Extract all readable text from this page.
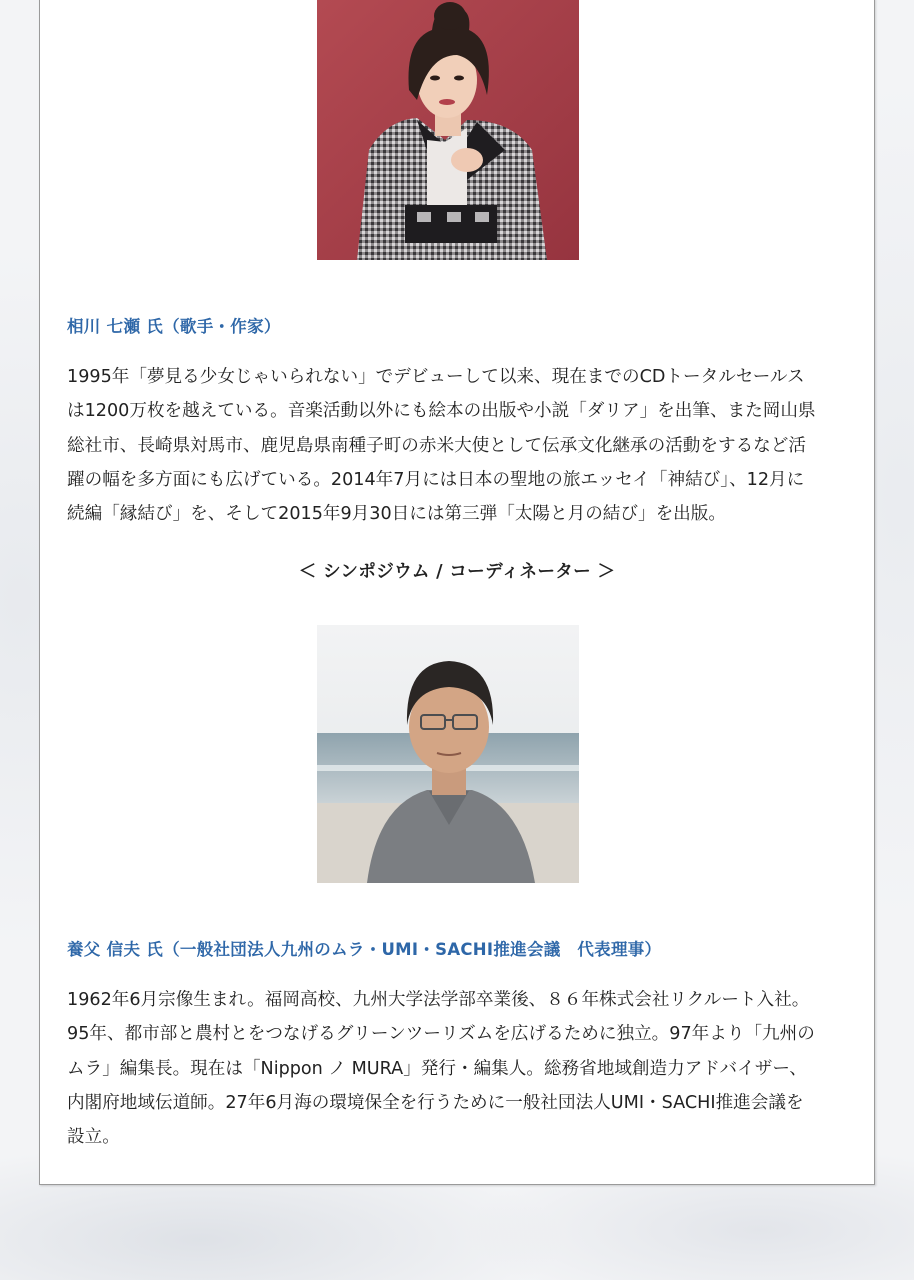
相川 七瀬 氏（歌手・作家）

1995年「夢見る少女じゃいられない」でデビューして以来、現在までのCDトータルセールス

は1200万枚を越えている。音楽活動以外にも絵本の出版や小説「ダリア」を出筆、また岡山県

総社市、長崎県対馬市、鹿児島県南種子町の赤米大使として伝承文化継承の活動をするなど活

躍の幅を多方面にも広げている。2014年7月には日本の聖地の旅エッセイ「神結び」、12月に

続編「縁結び」を、そして2015年9月30日には第三弾「太陽と月の結び」を出版。

＜ シンポジウム / コーディネーター ＞
養父 信夫 氏（一般社団法人九州のムラ・UMI・SACHI推進会議　代表理事）

1962年6月宗像生まれ。福岡高校、九州大学法学部卒業後、８６年株式会社リクルート入社。

95年、都市部と農村とをつなげるグリーンツーリズムを広げるために独立。97年より「九州の

ムラ」編集長。現在は「Nippon ノ MURA」発行・編集人。総務省地域創造力アドバイザー、

内閣府地域伝道師。27年6月海の環境保全を行うために一般社団法人UMI・SACHI推進会議を

設立。
